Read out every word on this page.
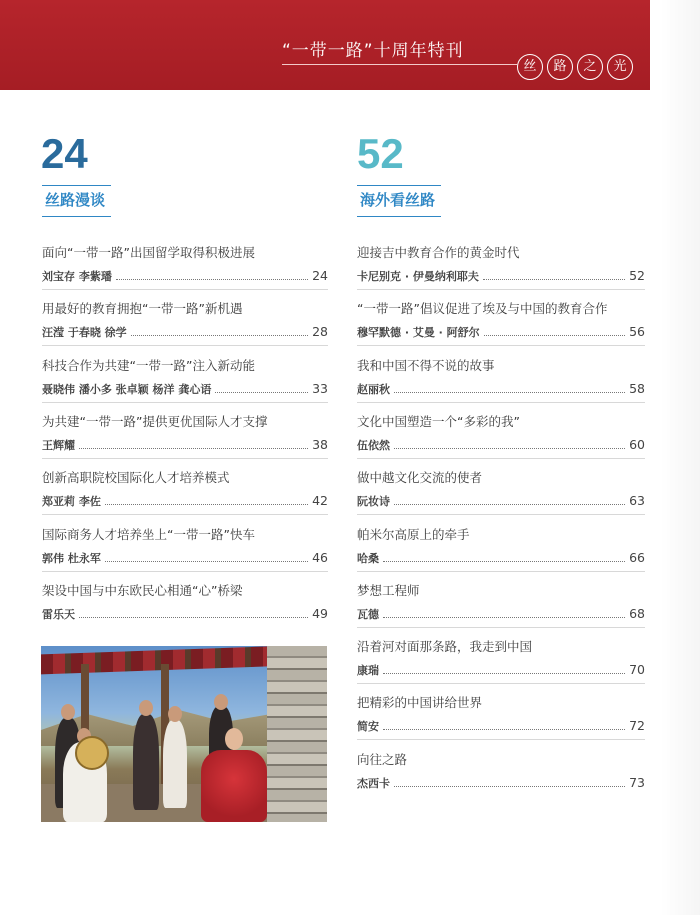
“一带一路”十周年特刊
丝	路	之	光
24
丝路漫谈
面向“一带一路”出国留学取得积极进展
刘宝存 李紫璠	24
用最好的教育拥抱“一带一路”新机遇
汪滢 于春晓 徐学	28
科技合作为共建“一带一路”注入新动能
聂晓伟 潘小多 张卓颖 杨洋 龚心语	33
为共建“一带一路”提供更优国际人才支撑
王辉耀	38
创新高职院校国际化人才培养模式
郑亚莉 李佐	42
国际商务人才培养坐上“一带一路”快车
郭伟 杜永军	46
架设中国与中东欧民心相通“心”桥梁
雷乐天	49
52
海外看丝路
迎接吉中教育合作的黄金时代
卡尼别克 · 伊曼纳利耶夫	52
“一带一路”倡议促进了埃及与中国的教育合作
穆罕默德 · 艾曼 · 阿舒尔	56
我和中国不得不说的故事
赵丽秋	58
文化中国塑造一个“多彩的我”
伍依然	60
做中越文化交流的使者
阮妆诗	63
帕米尔高原上的牵手
哈桑	66
梦想工程师
瓦德	68
沿着河对面那条路，我走到中国
康瑞	70
把精彩的中国讲给世界
简安	72
向往之路
杰西卡	73
